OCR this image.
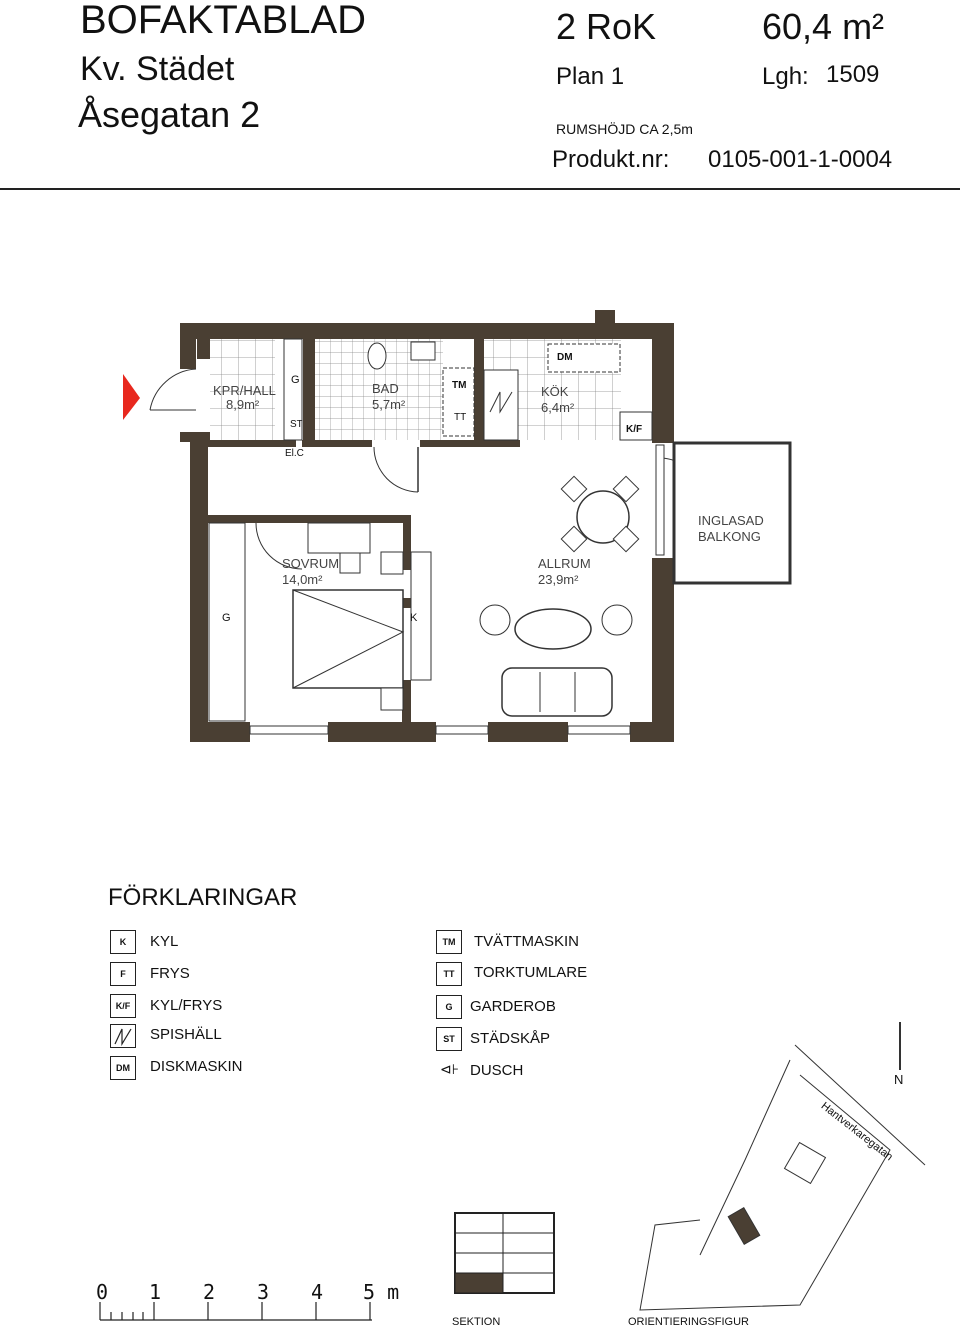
BOFAKTABLAD
Kv. Städet
Åsegatan 2
2 RoK	60,4 m²
Plan 1	Lgh: 1509
RUMSHÖJD CA 2,5m
Produkt.nr: 0105-001-1-0004
KPR/HALL
8,9m²
BAD
5,7m²
KÖK
6,4m²
SOVRUM
14,0m²
ALLRUM
23,9m²
INGLASAD
BALKONG
G
ST
El.C
TM
TT
DM
K/F
G	K
FÖRKLARINGAR
K	KYL
F	FRYS
K/F	KYL/FRYS
SPISHÄLL
DM	DISKMASKIN
TM	TVÄTTMASKIN
TT	TORKTUMLARE
G	GARDEROB
ST	STÄDSKÅP
⊲⊦ DUSCH
0 1 2 3 4 5 m
SEKTION	ORIENTIERINGSFIGUR
Hantverkaregatan
N
